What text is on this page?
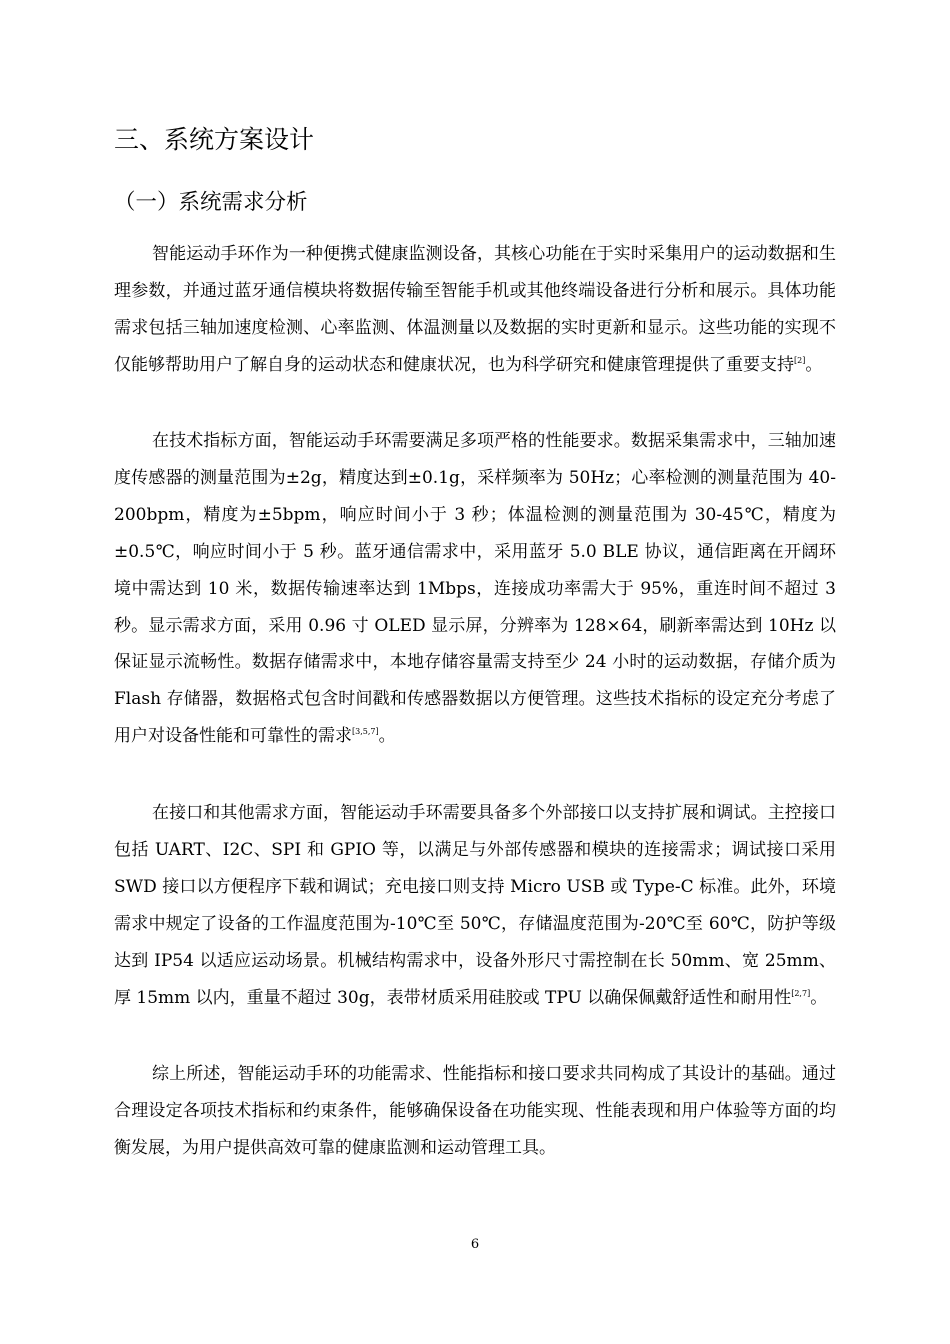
三、系统方案设计
（一）系统需求分析

智能运动手环作为一种便携式健康监测设备，其核心功能在于实时采集用户的运动数据和生理参数，并通过蓝牙通信模块将数据传输至智能手机或其他终端设备进行分析和展示。具体功能需求包括三轴加速度检测、心率监测、体温测量以及数据的实时更新和显示。这些功能的实现不仅能够帮助用户了解自身的运动状态和健康状况，也为科学研究和健康管理提供了重要支持[2]。

在技术指标方面，智能运动手环需要满足多项严格的性能要求。数据采集需求中，三轴加速度传感器的测量范围为±2g，精度达到±0.1g，采样频率为 50Hz；心率检测的测量范围为 40-200bpm，精度为±5bpm，响应时间小于 3 秒；体温检测的测量范围为 30-45℃，精度为±0.5℃，响应时间小于 5 秒。蓝牙通信需求中，采用蓝牙 5.0 BLE 协议，通信距离在开阔环境中需达到 10 米，数据传输速率达到 1Mbps，连接成功率需大于 95%，重连时间不超过 3 秒。显示需求方面，采用 0.96 寸 OLED 显示屏，分辨率为 128×64，刷新率需达到 10Hz 以保证显示流畅性。数据存储需求中，本地存储容量需支持至少 24 小时的运动数据，存储介质为 Flash 存储器，数据格式包含时间戳和传感器数据以方便管理。这些技术指标的设定充分考虑了用户对设备性能和可靠性的需求[3,5,7]。

在接口和其他需求方面，智能运动手环需要具备多个外部接口以支持扩展和调试。主控接口包括 UART、I2C、SPI 和 GPIO 等，以满足与外部传感器和模块的连接需求；调试接口采用 SWD 接口以方便程序下载和调试；充电接口则支持 Micro USB 或 Type-C 标准。此外，环境需求中规定了设备的工作温度范围为-10℃至 50℃，存储温度范围为-20℃至 60℃，防护等级达到 IP54 以适应运动场景。机械结构需求中，设备外形尺寸需控制在长 50mm、宽 25mm、厚 15mm 以内，重量不超过 30g，表带材质采用硅胶或 TPU 以确保佩戴舒适性和耐用性[2,7]。

综上所述，智能运动手环的功能需求、性能指标和接口要求共同构成了其设计的基础。通过合理设定各项技术指标和约束条件，能够确保设备在功能实现、性能表现和用户体验等方面的均衡发展，为用户提供高效可靠的健康监测和运动管理工具。

6
